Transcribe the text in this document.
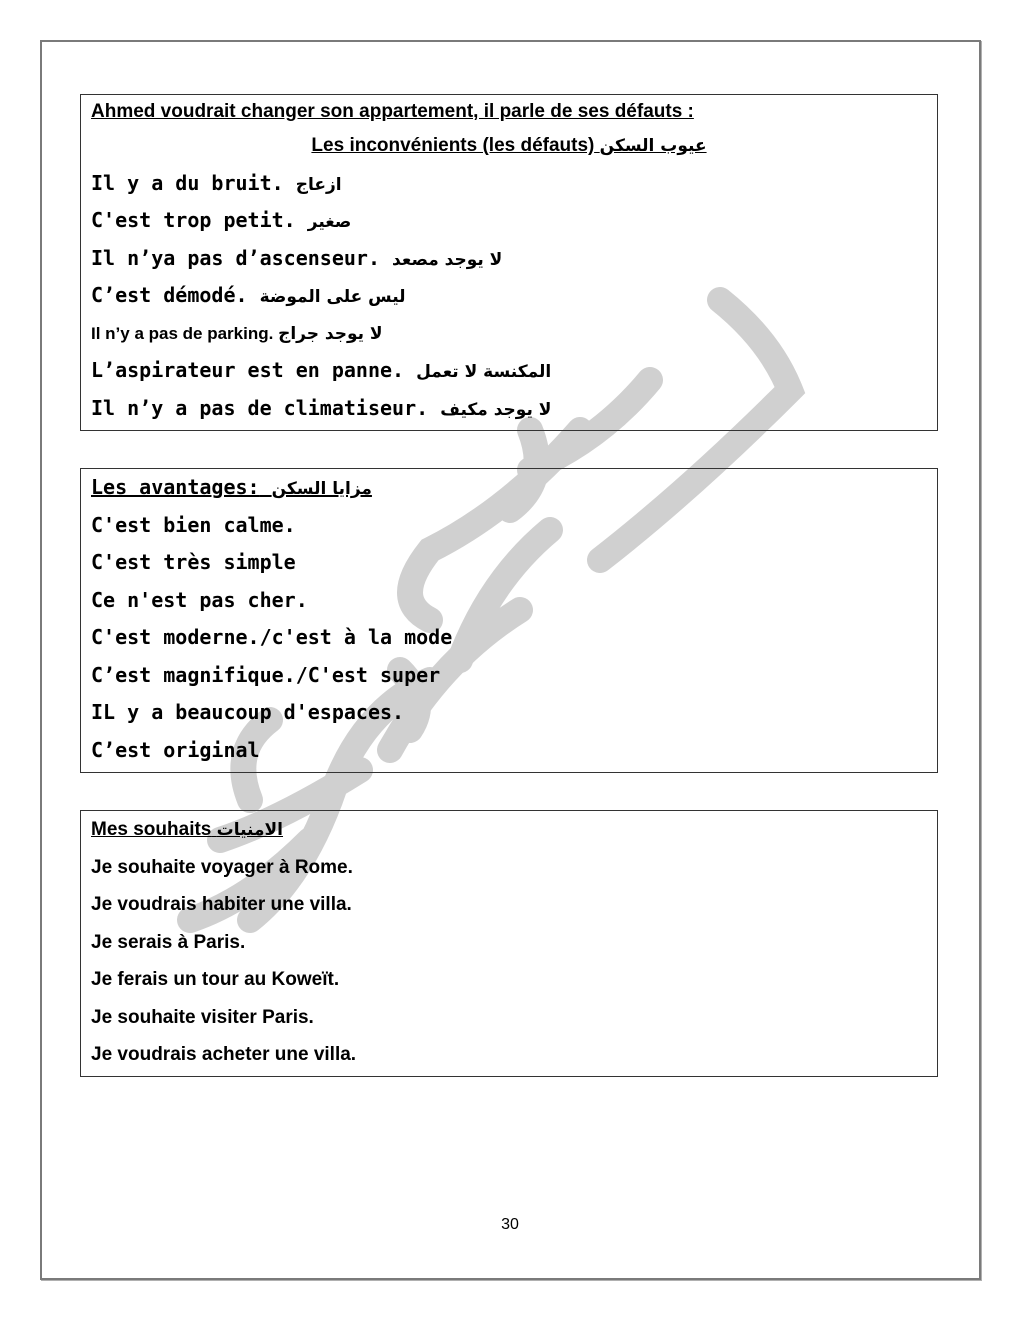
Ahmed voudrait changer son appartement, il parle de ses défauts :
Les inconvénients (les défauts) عيوب السكن
Il y a du bruit. ازعاج
C'est trop petit. صغير
Il n’ya pas d’ascenseur. لا يوجد مصعد
C’est démodé. ليس على الموضة
Il n’y a pas de parking. لا يوجد جراج
L’aspirateur est en panne. المكنسة لا تعمل
Il n’y a pas de climatiseur. لا يوجد مكيف
Les avantages: مزايا السكن
C'est bien calme.
C'est très simple
Ce n'est pas cher.
C'est moderne./c'est à la mode
C’est magnifique./C'est super
IL y a beaucoup d'espaces.
C’est original
Mes souhaits الامنيات
Je souhaite voyager à Rome.
Je voudrais habiter une villa.
Je serais à Paris.
Je ferais un tour au Koweït.
Je souhaite visiter Paris.
Je voudrais acheter une villa.
30
